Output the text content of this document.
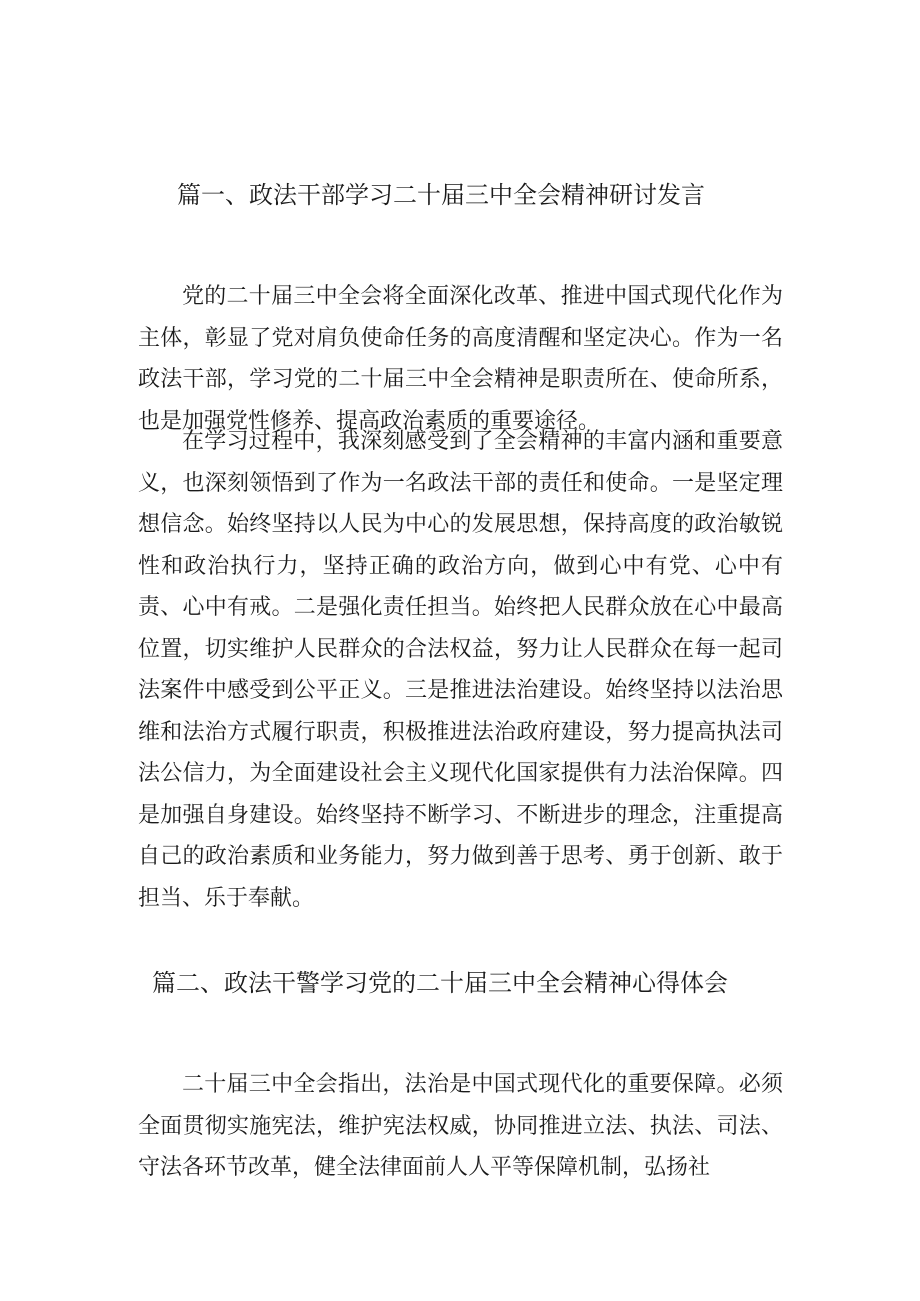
篇一、政法干部学习二十届三中全会精神研讨发言

党的二十届三中全会将全面深化改革、推进中国式现代化作为主体，彰显了党对肩负使命任务的高度清醒和坚定决心。作为一名政法干部，学习党的二十届三中全会精神是职责所在、使命所系，也是加强党性修养、提高政治素质的重要途径。

在学习过程中，我深刻感受到了全会精神的丰富内涵和重要意义，也深刻领悟到了作为一名政法干部的责任和使命。一是坚定理想信念。始终坚持以人民为中心的发展思想，保持高度的政治敏锐性和政治执行力，坚持正确的政治方向，做到心中有党、心中有责、心中有戒。二是强化责任担当。始终把人民群众放在心中最高位置，切实维护人民群众的合法权益，努力让人民群众在每一起司法案件中感受到公平正义。三是推进法治建设。始终坚持以法治思维和法治方式履行职责，积极推进法治政府建设，努力提高执法司法公信力，为全面建设社会主义现代化国家提供有力法治保障。四是加强自身建设。始终坚持不断学习、不断进步的理念，注重提高自己的政治素质和业务能力，努力做到善于思考、勇于创新、敢于担当、乐于奉献。

篇二、政法干警学习党的二十届三中全会精神心得体会

二十届三中全会指出，法治是中国式现代化的重要保障。必须全面贯彻实施宪法，维护宪法权威，协同推进立法、执法、司法、守法各环节改革，健全法律面前人人平等保障机制，弘扬社
